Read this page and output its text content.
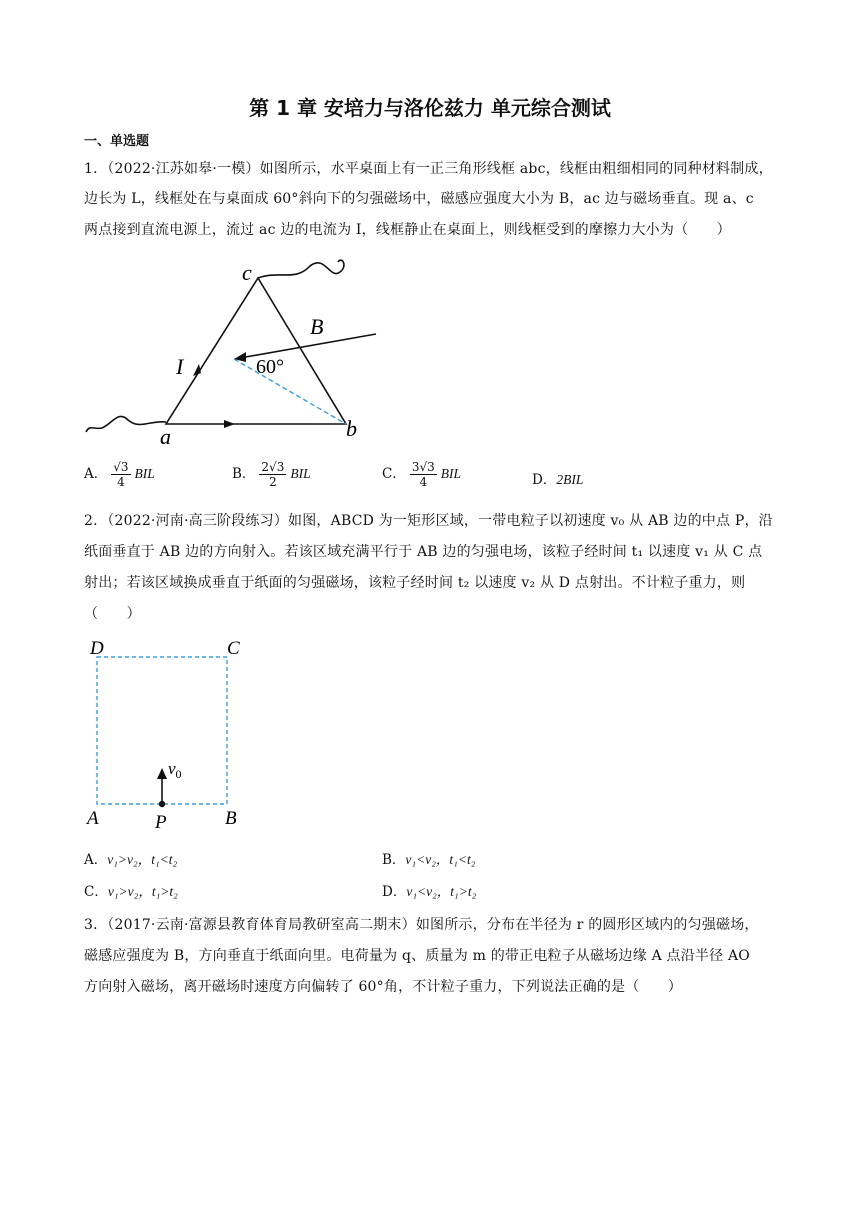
第 1 章 安培力与洛伦兹力 单元综合测试
一、单选题
1．（2022·江苏如皋·一模）如图所示，水平桌面上有一正三角形线框 abc，线框由粗细相同的同种材料制成，
边长为 L，线框处在与桌面成 60°斜向下的匀强磁场中，磁感应强度大小为 B，ac 边与磁场垂直。现 a、c
两点接到直流电源上，流过 ac 边的电流为 I，线框静止在桌面上，则线框受到的摩擦力大小为（　　）
c
a	b
B
I	60°
A． $\frac{√3}{4}$ BIL	B． $\frac{2√3}{2}$ BIL	C． $\frac{3√3}{4}$ BIL	D．2BIL
2．（2022·河南·高三阶段练习）如图，ABCD 为一矩形区域，一带电粒子以初速度 v₀ 从 AB 边的中点 P，沿
纸面垂直于 AB 边的方向射入。若该区域充满平行于 AB 边的匀强电场，该粒子经时间 t₁ 以速度 v₁ 从 C 点
射出；若该区域换成垂直于纸面的匀强磁场，该粒子经时间 t₂ 以速度 v₂ 从 D 点射出。不计粒子重力，则
（　　）
D	C
A	B
P
$v_0$
A．v₁>v₂，t₁<t₂	B．v₁<v₂，t₁<t₂
C．v₁>v₂，t₁>t₂	D．v₁<v₂，t₁>t₂
3．（2017·云南·富源县教育体育局教研室高二期末）如图所示，分布在半径为 r 的圆形区域内的匀强磁场，
磁感应强度为 B，方向垂直于纸面向里。电荷量为 q、质量为 m 的带正电粒子从磁场边缘 A 点沿半径 AO
方向射入磁场，离开磁场时速度方向偏转了 60°角，不计粒子重力，下列说法正确的是（　　）
